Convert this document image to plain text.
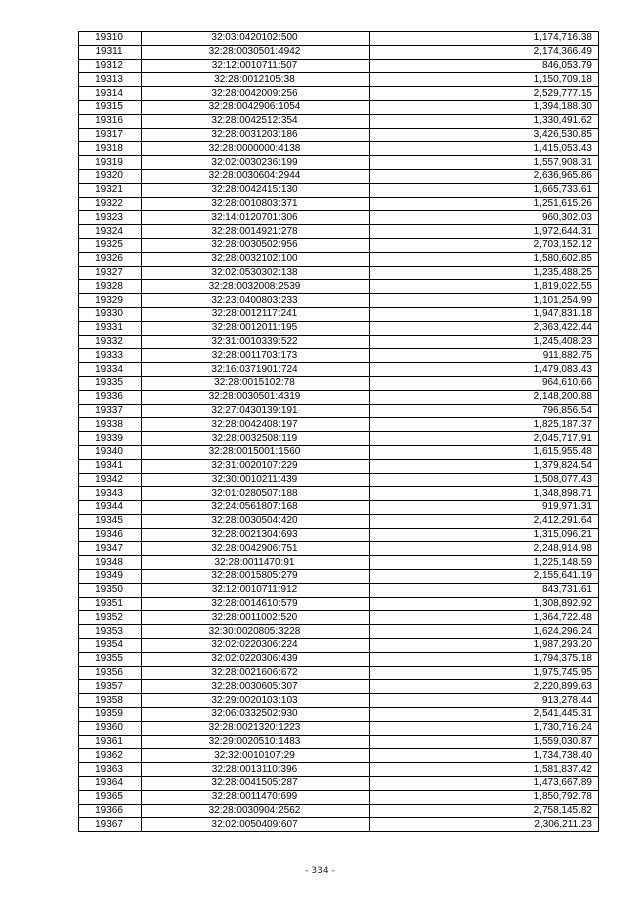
19310	32:03:0420102:500	1,174,716.38
19311	32:28:0030501:4942	2,174,366.49
19312	32:12:0010711:507	846,053.79
19313	32:28:0012105:38	1,150,709.18
19314	32:28:0042009:256	2,529,777.15
19315	32:28:0042906:1054	1,394,188.30
19316	32:28:0042512:354	1,330,491.62
19317	32:28:0031203:186	3,426,530.85
19318	32:28:0000000:4138	1,415,053.43
19319	32:02:0030236:199	1,557,908.31
19320	32:28:0030604:2944	2,636,965.86
19321	32:28:0042415:130	1,665,733.61
19322	32:28:0010803:371	1,251,615.26
19323	32:14:0120701:306	960,302.03
19324	32:28:0014921:278	1,972,644.31
19325	32:28:0030502:956	2,703,152.12
19326	32:28:0032102:100	1,580,602.85
19327	32:02:0530302:138	1,235,488.25
19328	32:28:0032008:2539	1,819,022.55
19329	32:23:0400803:233	1,101,254.99
19330	32:28:0012117:241	1,947,831.18
19331	32:28:0012011:195	2,363,422.44
19332	32:31:0010339:522	1,245,408.23
19333	32:28:0011703:173	911,882.75
19334	32:16:0371901:724	1,479,083.43
19335	32:28:0015102:78	964,610.66
19336	32:28:0030501:4319	2,148,200.88
19337	32:27:0430139:191	796,856.54
19338	32:28:0042408:197	1,825,187.37
19339	32:28:0032508:119	2,045,717.91
19340	32:28:0015001:1560	1,615,955.48
19341	32:31:0020107:229	1,379,824.54
19342	32:30:0010211:439	1,508,077.43
19343	32:01:0280507:188	1,348,898.71
19344	32:24:0561807:168	919,971.31
19345	32:28:0030504:420	2,412,291.64
19346	32:28:0021304:693	1,315,096.21
19347	32:28:0042906:751	2,248,914.98
19348	32:28:0011470:91	1,225,148.59
19349	32:28:0015805:279	2,155,641.19
19350	32:12:0010711:912	843,731.61
19351	32:28:0014610:579	1,308,892.92
19352	32:28:0011002:520	1,364,722.48
19353	32:30:0020805:3228	1,624,296.24
19354	32:02:0220306:224	1,987,293.20
19355	32:02:0220306:439	1,794,375.18
19356	32:28:0021606:672	1,975,745.95
19357	32:28:0030605:307	2,220,899.63
19358	32:29:0020103:103	913,278.44
19359	32:06:0332502:930	2,541,445.31
19360	32:28:0021320:1223	1,730,716.24
19361	32:29:0020510:1483	1,559,030.87
19362	32:32:0010107:29	1,734,738.40
19363	32:28:0013110:396	1,581,837.42
19364	32:28:0041505:287	1,473,667.89
19365	32:28:0011470:699	1,850,792.78
19366	32:28:0030904:2562	2,758,145.82
19367	32:02:0050409:607	2,306,211.23
- 334 -
